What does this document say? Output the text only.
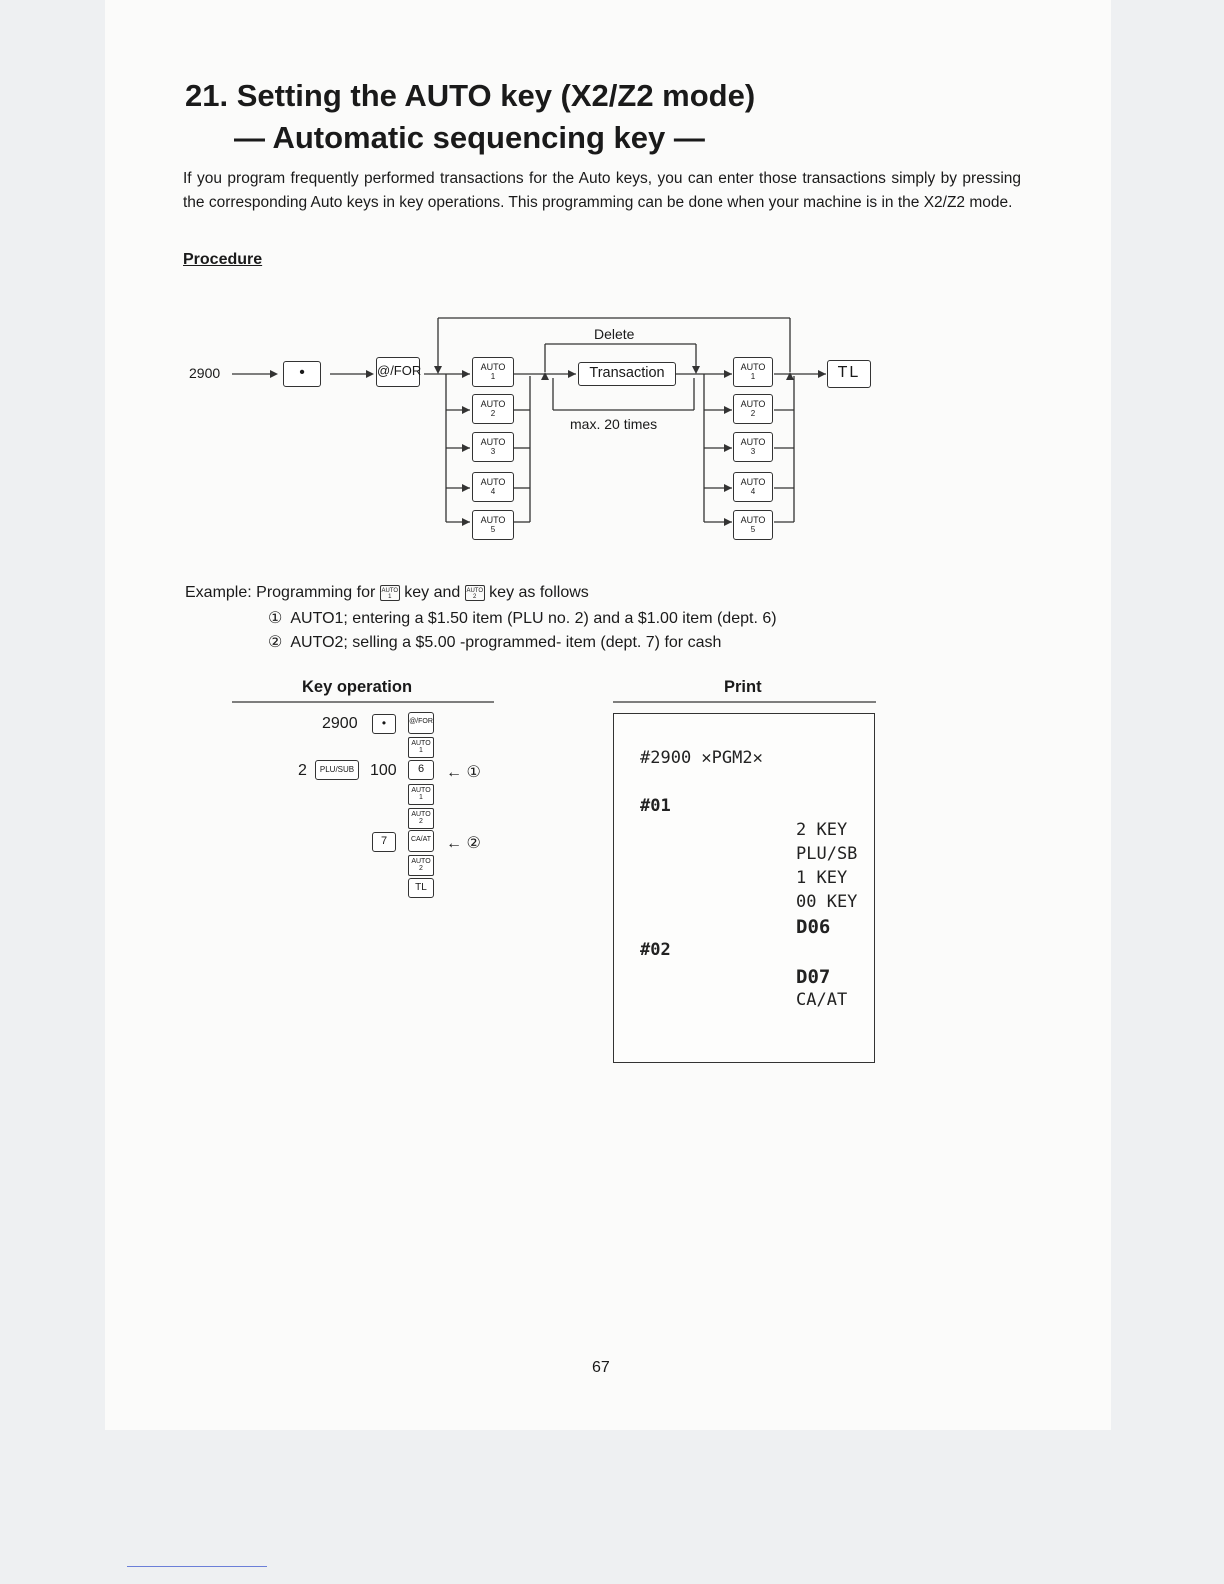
21. Setting the AUTO key (X2/Z2 mode)
— Automatic sequencing key —
If you program frequently performed transactions for the Auto keys, you can enter those transactions simply by pressing the corresponding Auto keys in key operations. This programming can be done when your machine is in the X2/Z2 mode.
Procedure
2900	•	@/FOR
Delete
Transaction
max. 20 times
TL
AUTO
1
AUTO
2
AUTO
3
AUTO
4
AUTO
5
AUTO
1
AUTO
2
AUTO
3
AUTO
4
AUTO
5
Example: Programming for AUTO
1 key and AUTO
2 key as follows
① AUTO1; entering a $1.50 item (PLU no. 2) and a $1.00 item (dept. 6)
② AUTO2; selling a $5.00 -programmed- item (dept. 7) for cash
Key operation	Print
2900	•	@/FOR
AUTO
1
2	PLU/SUB 100	6	← ①
AUTO
1
AUTO
2
7	CA/AT ← ②
AUTO
2
TL
#2900 ✕PGM2✕
#01
2 KEY
PLU/SB
1 KEY
00 KEY
D06
#02
D07
CA/AT
67
